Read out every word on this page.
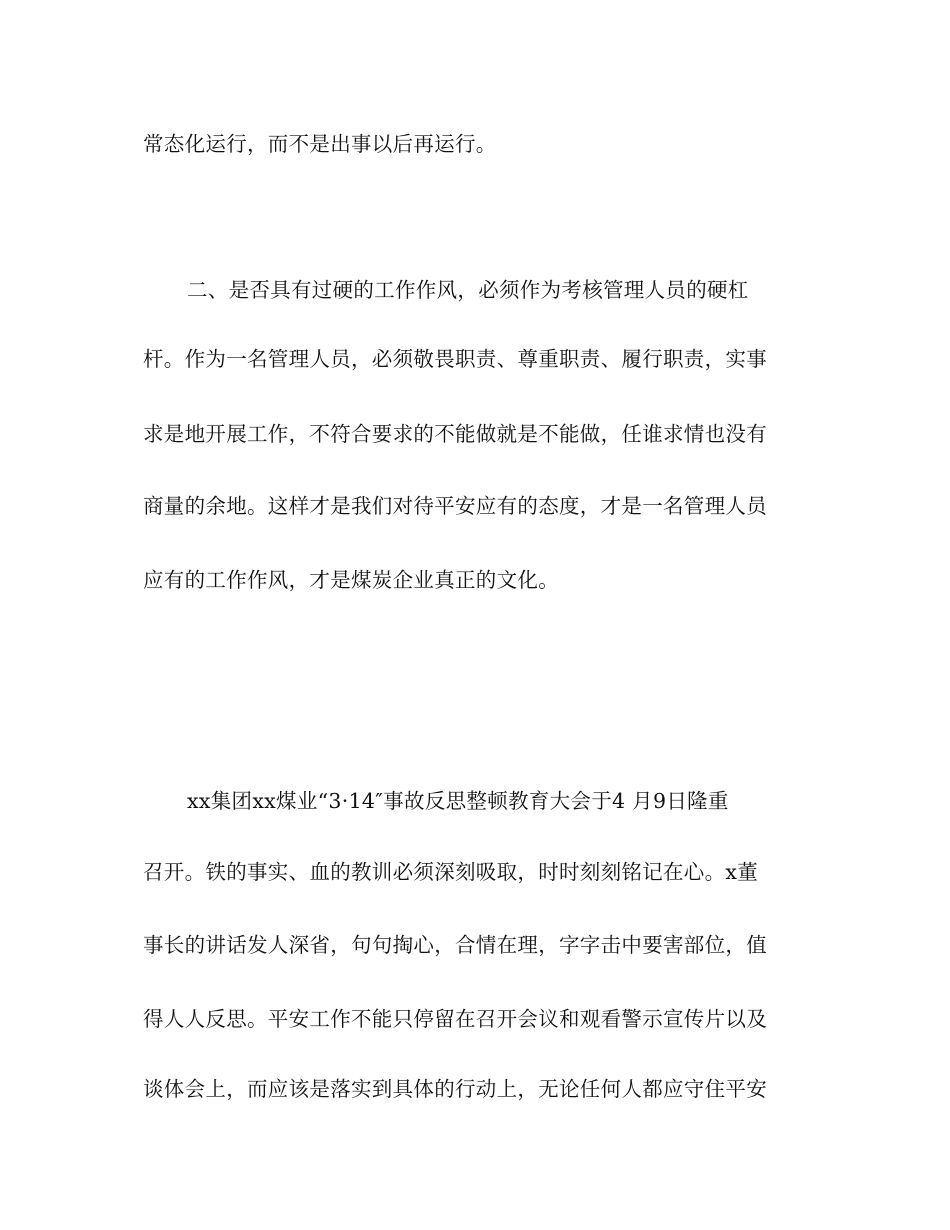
常态化运行，而不是出事以后再运行。
二、是否具有过硬的工作作风，必须作为考核管理人员的硬杠
杆。作为一名管理人员，必须敬畏职责、尊重职责、履行职责，实事
求是地开展工作，不符合要求的不能做就是不能做，任谁求情也没有
商量的余地。这样才是我们对待平安应有的态度，才是一名管理人员
应有的工作作风，才是煤炭企业真正的文化。
xx集团xx煤业“3·14″事故反思整顿教育大会于4 月9日隆重
召开。铁的事实、血的教训必须深刻吸取，时时刻刻铭记在心。x董
事长的讲话发人深省，句句掏心，合情在理，字字击中要害部位，值
得人人反思。平安工作不能只停留在召开会议和观看警示宣传片以及
谈体会上，而应该是落实到具体的行动上，无论任何人都应守住平安
